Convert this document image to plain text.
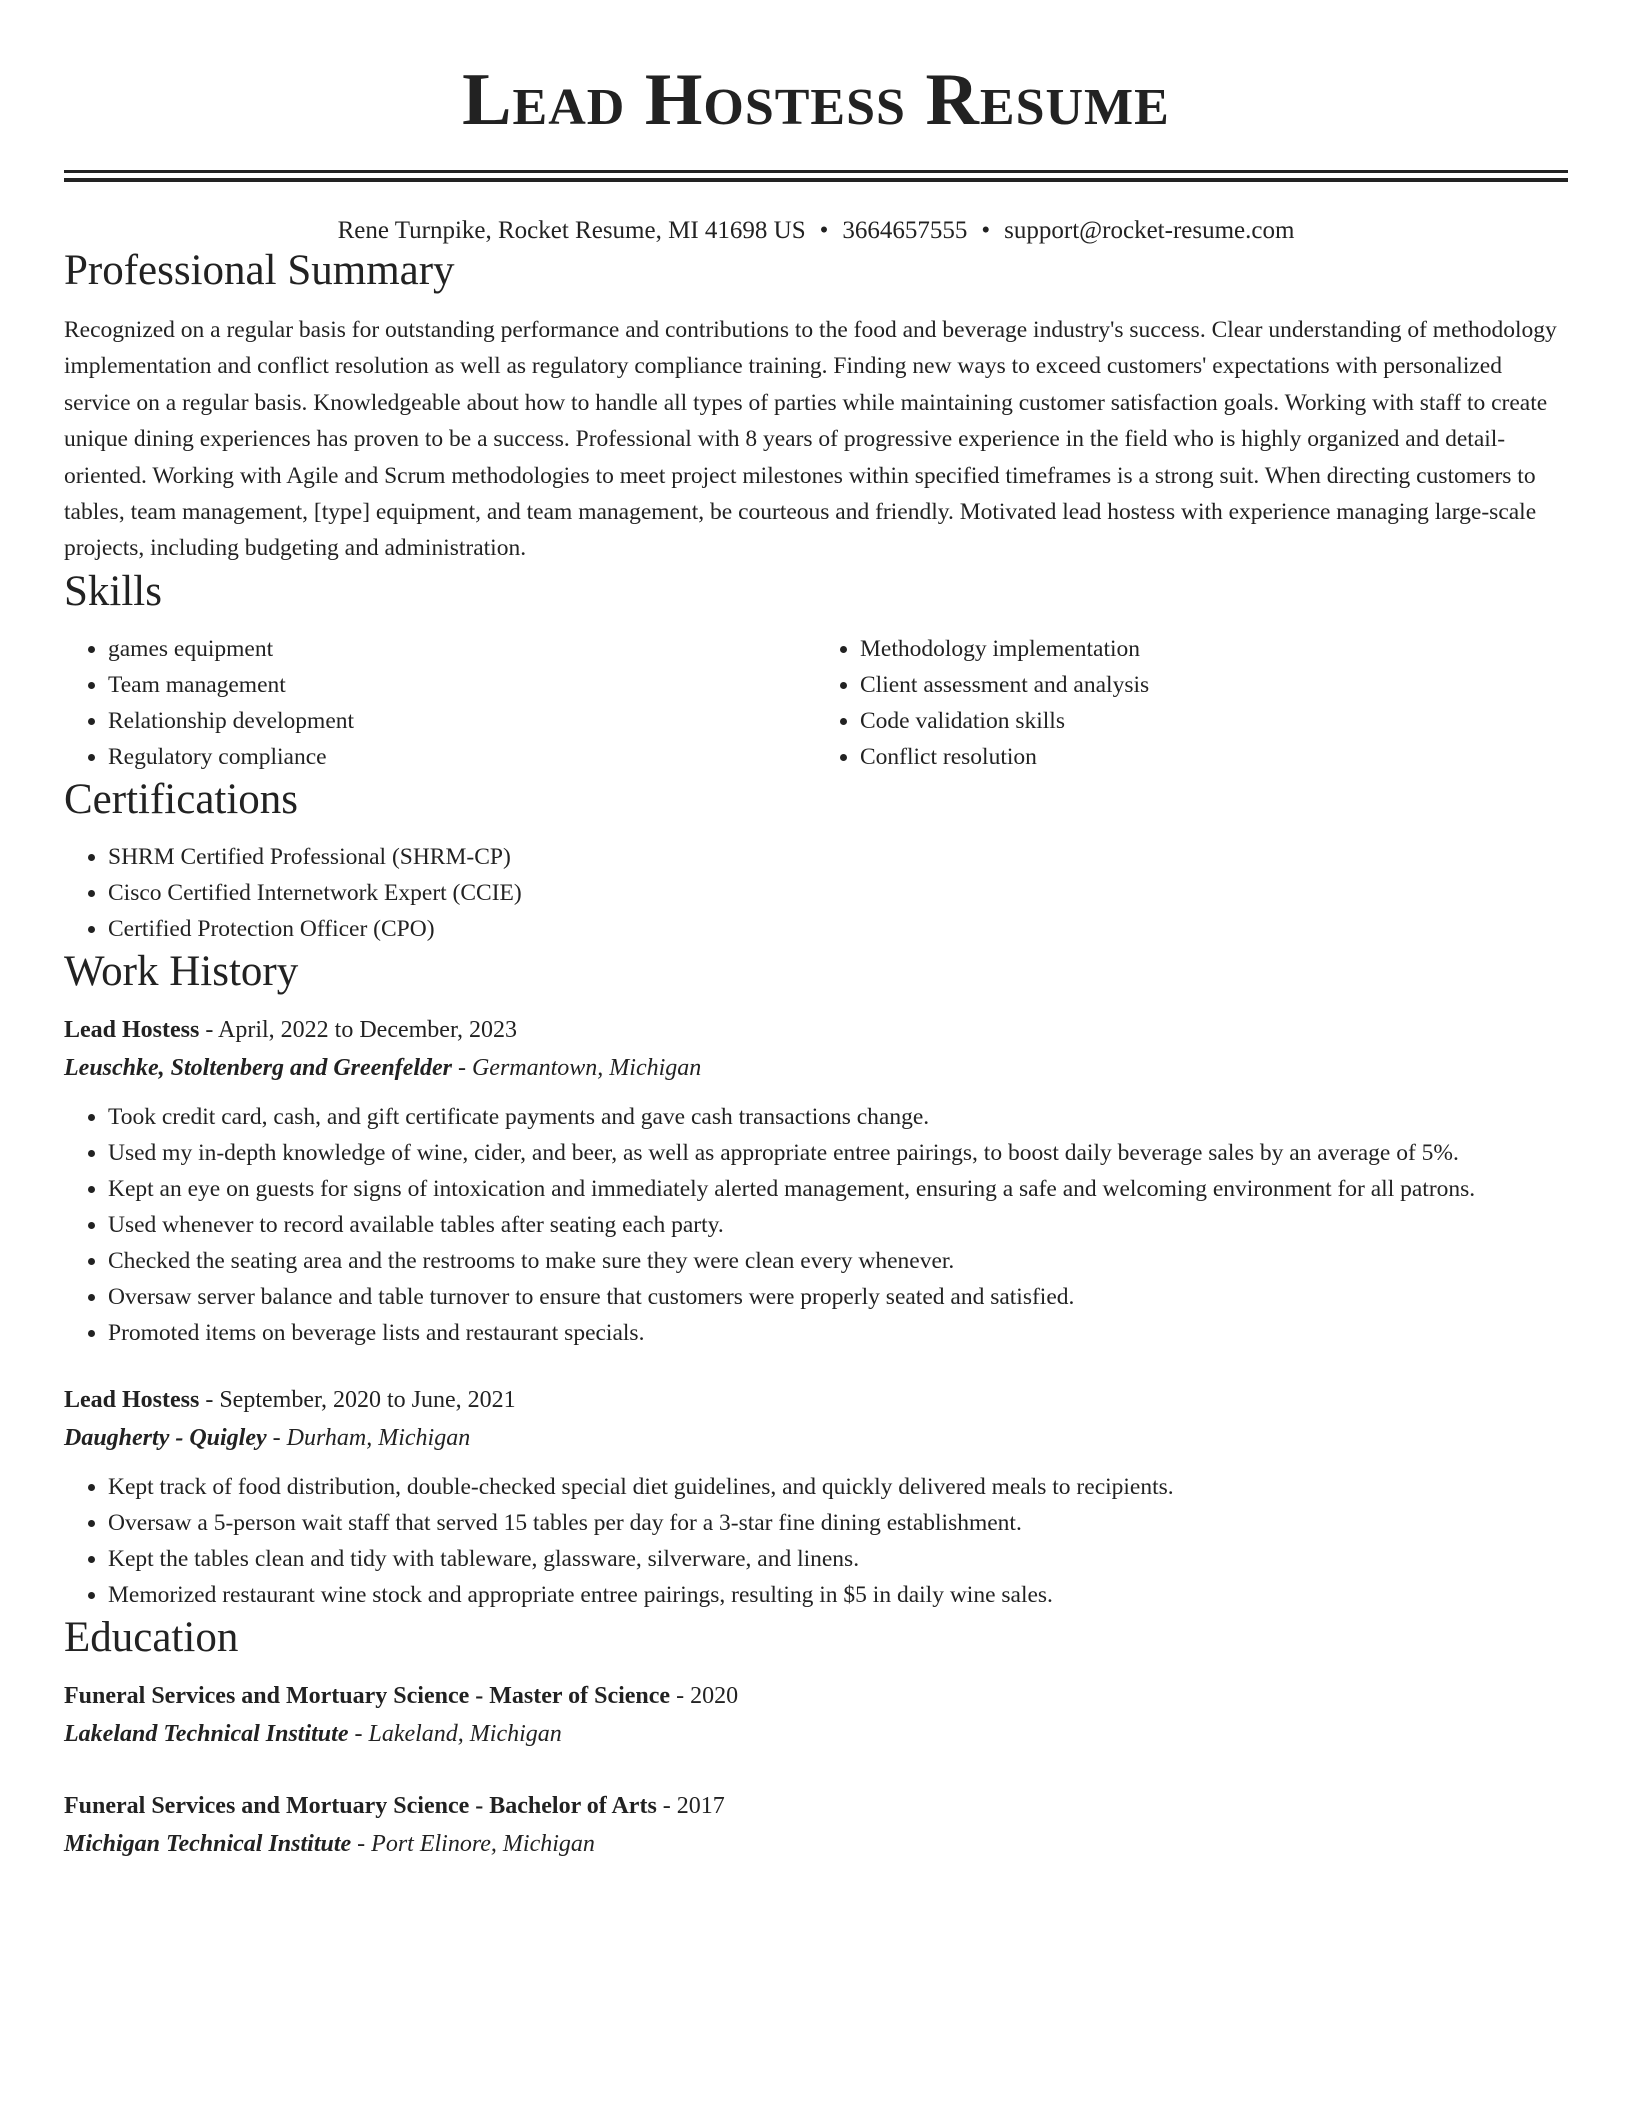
Lead Hostess Resume
Rene Turnpike, Rocket Resume, MI 41698 US • 3664657555 • support@rocket-resume.com
Professional Summary

Recognized on a regular basis for outstanding performance and contributions to the food and beverage industry's success. Clear understanding of methodology implementation and conflict resolution as well as regulatory compliance training. Finding new ways to exceed customers' expectations with personalized service on a regular basis. Knowledgeable about how to handle all types of parties while maintaining customer satisfaction goals. Working with staff to create unique dining experiences has proven to be a success. Professional with 8 years of progressive experience in the field who is highly organized and detail-oriented. Working with Agile and Scrum methodologies to meet project milestones within specified timeframes is a strong suit. When directing customers to tables, team management, [type] equipment, and team management, be courteous and friendly. Motivated lead hostess with experience managing large-scale projects, including budgeting and administration.

Skills
• games equipment
• Team management
• Relationship development
• Regulatory compliance
• Methodology implementation
• Client assessment and analysis
• Code validation skills
• Conflict resolution
Certifications
• SHRM Certified Professional (SHRM-CP)
• Cisco Certified Internetwork Expert (CCIE)
• Certified Protection Officer (CPO)
Work History
Lead Hostess - April, 2022 to December, 2023
Leuschke, Stoltenberg and Greenfelder - Germantown, Michigan
• Took credit card, cash, and gift certificate payments and gave cash transactions change.
• Used my in-depth knowledge of wine, cider, and beer, as well as appropriate entree pairings, to boost daily beverage sales by an average of 5%.
• Kept an eye on guests for signs of intoxication and immediately alerted management, ensuring a safe and welcoming environment for all patrons.
• Used whenever to record available tables after seating each party.
• Checked the seating area and the restrooms to make sure they were clean every whenever.
• Oversaw server balance and table turnover to ensure that customers were properly seated and satisfied.
• Promoted items on beverage lists and restaurant specials.
Lead Hostess - September, 2020 to June, 2021
Daugherty - Quigley - Durham, Michigan
• Kept track of food distribution, double-checked special diet guidelines, and quickly delivered meals to recipients.
• Oversaw a 5-person wait staff that served 15 tables per day for a 3-star fine dining establishment.
• Kept the tables clean and tidy with tableware, glassware, silverware, and linens.
• Memorized restaurant wine stock and appropriate entree pairings, resulting in $5 in daily wine sales.
Education
Funeral Services and Mortuary Science - Master of Science - 2020
Lakeland Technical Institute - Lakeland, Michigan
Funeral Services and Mortuary Science - Bachelor of Arts - 2017
Michigan Technical Institute - Port Elinore, Michigan
